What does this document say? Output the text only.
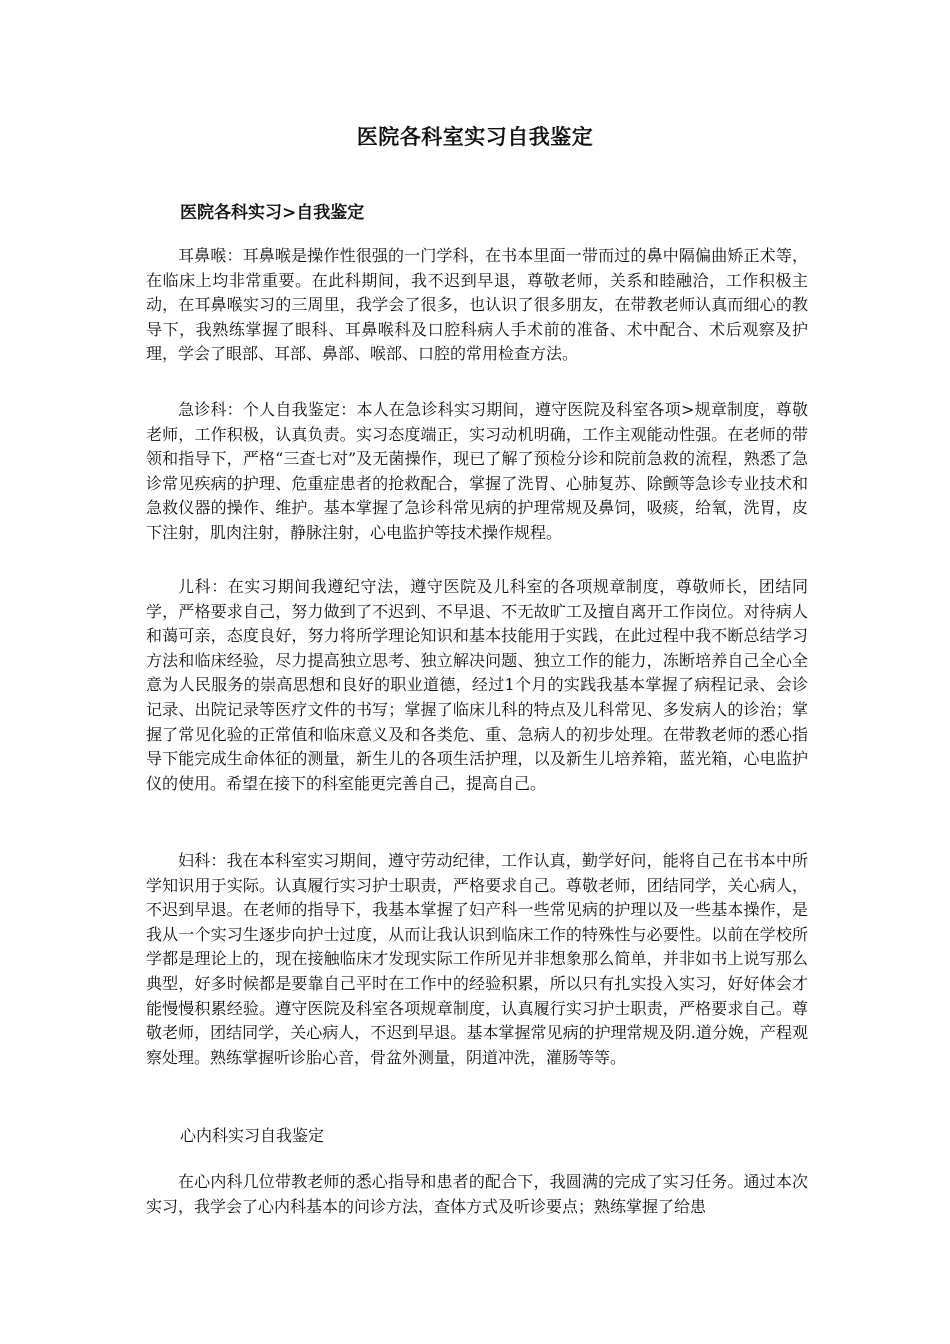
医院各科室实习自我鉴定
医院各科实习>自我鉴定

耳鼻喉：耳鼻喉是操作性很强的一门学科，在书本里面一带而过的鼻中隔偏曲矫正术等，在临床上均非常重要。在此科期间，我不迟到早退，尊敬老师，关系和睦融洽，工作积极主动，在耳鼻喉实习的三周里，我学会了很多，也认识了很多朋友，在带教老师认真而细心的教导下，我熟练掌握了眼科、耳鼻喉科及口腔科病人手术前的准备、术中配合、术后观察及护理，学会了眼部、耳部、鼻部、喉部、口腔的常用检查方法。

急诊科：个人自我鉴定：本人在急诊科实习期间，遵守医院及科室各项>规章制度，尊敬老师，工作积极，认真负责。实习态度端正，实习动机明确，工作主观能动性强。在老师的带领和指导下，严格“三查七对”及无菌操作，现已了解了预检分诊和院前急救的流程，熟悉了急诊常见疾病的护理、危重症患者的抢救配合，掌握了洗胃、心肺复苏、除颤等急诊专业技术和急救仪器的操作、维护。基本掌握了急诊科常见病的护理常规及鼻饲，吸痰，给氧，洗胃，皮下注射，肌肉注射，静脉注射，心电监护等技术操作规程。

儿科：在实习期间我遵纪守法，遵守医院及儿科室的各项规章制度，尊敬师长，团结同学，严格要求自己，努力做到了不迟到、不早退、不无故旷工及擅自离开工作岗位。对待病人和蔼可亲，态度良好，努力将所学理论知识和基本技能用于实践，在此过程中我不断总结学习方法和临床经验，尽力提高独立思考、独立解决问题、独立工作的能力，冻断培养自己全心全意为人民服务的崇高思想和良好的职业道德，经过1个月的实践我基本掌握了病程记录、会诊记录、出院记录等医疗文件的书写；掌握了临床儿科的特点及儿科常见、多发病人的诊治；掌握了常见化验的正常值和临床意义及和各类危、重、急病人的初步处理。在带教老师的悉心指导下能完成生命体征的测量，新生儿的各项生活护理，以及新生儿培养箱，蓝光箱，心电监护仪的使用。希望在接下的科室能更完善自己，提高自己。

妇科：我在本科室实习期间，遵守劳动纪律，工作认真，勤学好问，能将自己在书本中所学知识用于实际。认真履行实习护士职责，严格要求自己。尊敬老师，团结同学，关心病人，不迟到早退。在老师的指导下，我基本掌握了妇产科一些常见病的护理以及一些基本操作，是我从一个实习生逐步向护士过度，从而让我认识到临床工作的特殊性与必要性。以前在学校所学都是理论上的，现在接触临床才发现实际工作所见并非想象那么简单，并非如书上说写那么典型，好多时候都是要靠自己平时在工作中的经验积累，所以只有扎实投入实习，好好体会才能慢慢积累经验。遵守医院及科室各项规章制度，认真履行实习护士职责，严格要求自己。尊敬老师，团结同学，关心病人，不迟到早退。基本掌握常见病的护理常规及阴.道分娩，产程观察处理。熟练掌握听诊胎心音，骨盆外测量，阴道冲洗，灌肠等等。

心内科实习自我鉴定

在心内科几位带教老师的悉心指导和患者的配合下，我圆满的完成了实习任务。通过本次实习，我学会了心内科基本的问诊方法，查体方式及听诊要点；熟练掌握了给患
